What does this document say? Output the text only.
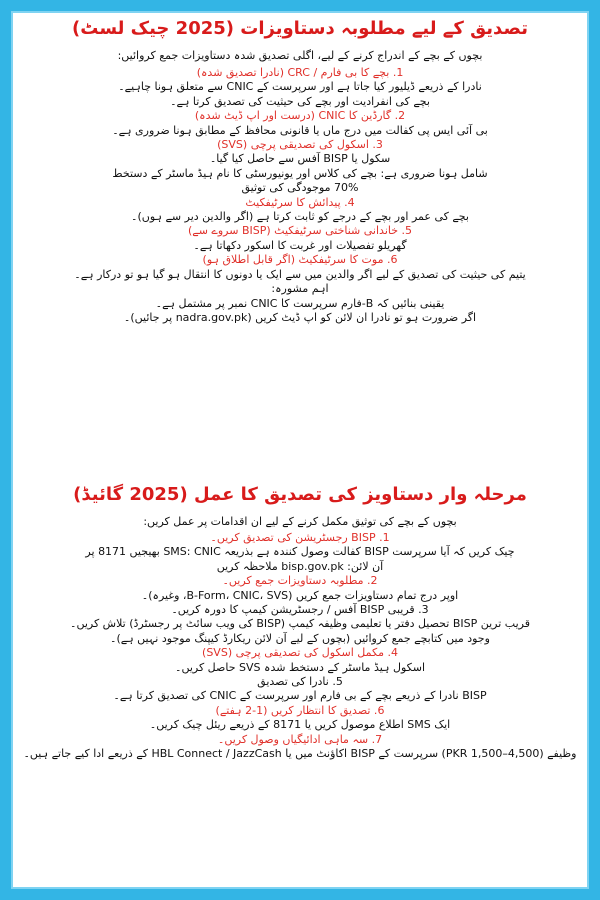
تصدیق کے لیے مطلوبہ دستاویزات (2025 چیک لسٹ)
بچوں کے بچے کے اندراج کرنے کے لیے، اگلی تصدیق شدہ دستاویزات جمع کروائیں:
1. بچے کا بی فارم / CRC (نادرا تصدیق شدہ)
نادرا کے ذریعے ڈیلیور کیا جاتا ہے اور سرپرست کے CNIC سے متعلق ہونا چاہیے۔
بچے کی انفرادیت اور بچے کی حیثیت کی تصدیق کرتا ہے۔
2. گارڈین کا CNIC (درست اور اپ ڈیٹ شدہ)
بی آئی ایس پی کفالت میں درج ماں یا قانونی محافظ کے مطابق ہونا ضروری ہے۔
3. اسکول کی تصدیقی پرچی (SVS)
سکول یا BISP آفس سے حاصل کیا گیا۔
شامل ہونا ضروری ہے: بچے کی کلاس اور یونیورسٹی کا نام ہیڈ ماسٹر کے دستخط
70% موجودگی کی توثیق
4. پیدائش کا سرٹیفکیٹ
بچے کی عمر اور بچے کے درجے کو ثابت کرتا ہے (اگر والدین دیر سے ہوں)۔
5. خاندانی شناختی سرٹیفکیٹ (BISP سروے سے)
گھریلو تفصیلات اور غربت کا اسکور دکھاتا ہے۔
6. موت کا سرٹیفکیٹ (اگر قابل اطلاق ہو)
یتیم کی حیثیت کی تصدیق کے لیے اگر والدین میں سے ایک یا دونوں کا انتقال ہو گیا ہو تو درکار ہے۔
اہم مشورہ:
یقینی بنائیں کہ B-فارم سرپرست کا CNIC نمبر پر مشتمل ہے۔
اگر ضرورت ہو تو نادرا ان لائن کو اپ ڈیٹ کریں (nadra.gov.pk پر جائیں)۔
مرحلہ وار دستاویز کی تصدیق کا عمل (2025 گائیڈ)
بچوں کے بچے کی توثیق مکمل کرنے کے لیے ان اقدامات پر عمل کریں:
1. BISP رجسٹریشن کی تصدیق کریں۔
چیک کریں کہ آیا سرپرست BISP کفالت وصول کنندہ ہے بذریعہ SMS: CNIC بھیجیں 8171 پر
آن لائن: bisp.gov.pk ملاحظہ کریں
2. مطلوبہ دستاویزات جمع کریں۔
اوپر درج تمام دستاویزات جمع کریں (B-Form، CNIC، SVS، وغیرہ)۔
3. قریبی BISP آفس / رجسٹریشن کیمپ کا دورہ کریں۔
قریب ترین BISP تحصیل دفتر یا تعلیمی وظیفہ کیمپ (BISP کی ویب سائٹ پر رجسٹرڈ) تلاش کریں۔
وجود میں کتابچے جمع کروائیں (بچوں کے لیے آن لائن ریکارڈ کیپنگ موجود نہیں ہے)۔
4. مکمل اسکول کی تصدیقی پرچی (SVS)
اسکول ہیڈ ماسٹر کے دستخط شدہ SVS حاصل کریں۔
5. نادرا کی تصدیق
BISP نادرا کے ذریعے بچے کے بی فارم اور سرپرست کے CNIC کی تصدیق کرتا ہے۔
6. تصدیق کا انتظار کریں (1-2 ہفتے)
ایک SMS اطلاع موصول کریں یا 8171 کے ذریعے ریئل چیک کریں۔
7. سہ ماہی ادائیگیاں وصول کریں۔
وظیفے (PKR 1,500–4,500) سرپرست کے BISP اکاؤنٹ میں یا HBL Connect / JazzCash کے ذریعے ادا کیے جاتے ہیں۔
